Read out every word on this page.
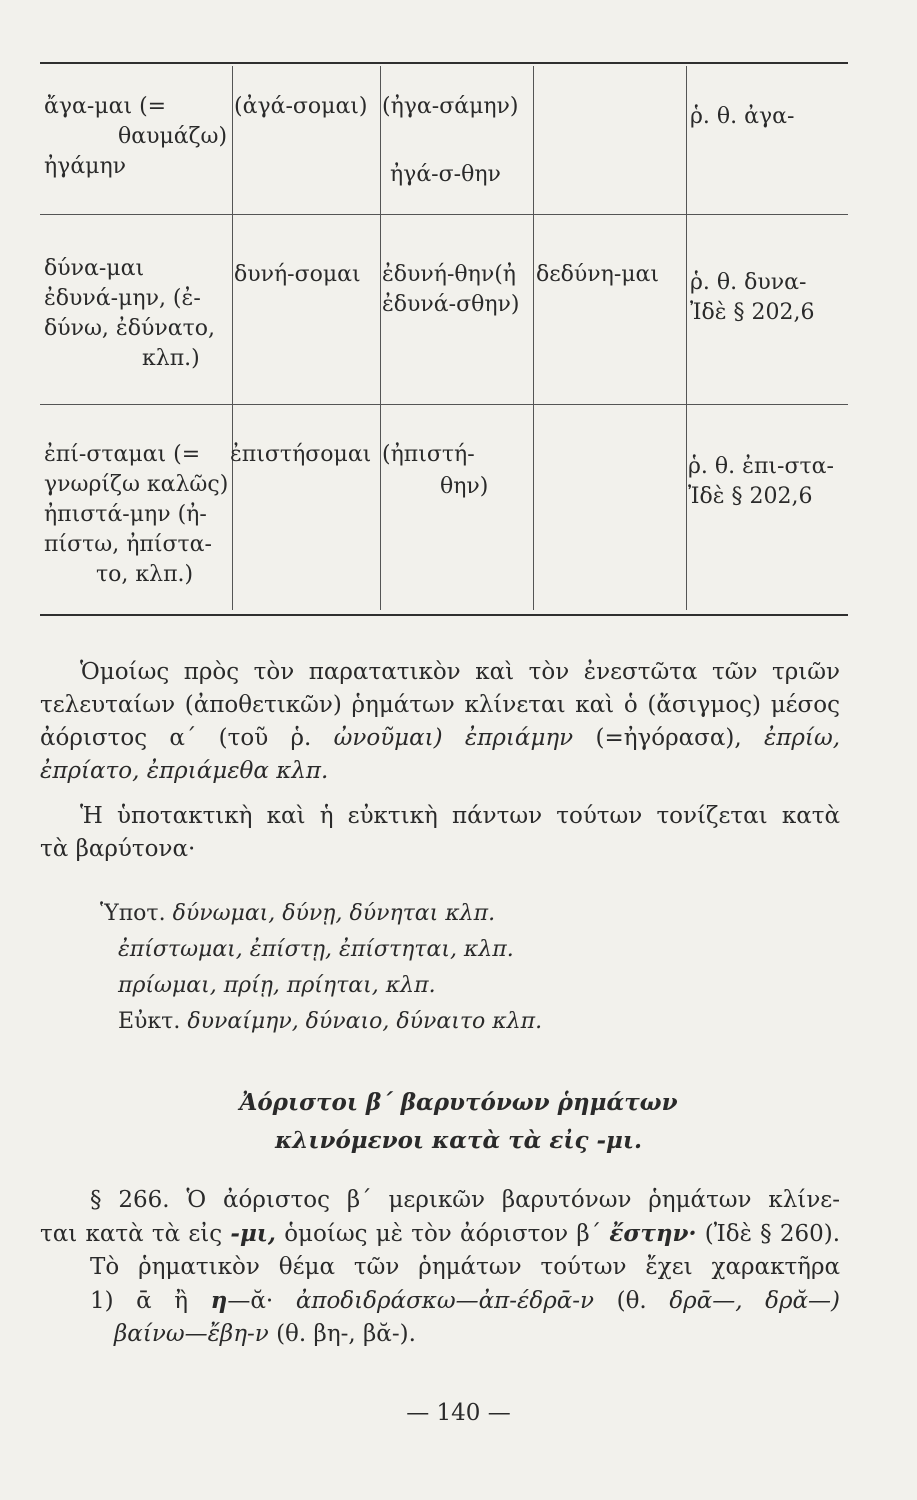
ἄγα-μαι (=
θαυμάζω)
ἠγάμην
(ἀγά-σομαι) (ἠγα-σάμην)
ἠγά-σ-θην
ῥ. θ. ἀγα-
δύνα-μαι
ἐδυνά-μην, (ἐ-
δύνω, ἐδύνατο,
κλπ.)
δυνή-σομαι ἐδυνή-θην(ἠ
ἐδυνά-σθην)
δεδύνη-μαι ῥ. θ. δυνα-
Ἰδὲ § 202,6
ἐπί-σταμαι (=
γνωρίζω καλῶς)
ἠπιστά-μην (ἠ-
πίστω, ἠπίστα-
το, κλπ.)
ἐπιστήσομαι (ἠπιστή-
θην)
ῥ. θ. ἐπι-στα-
Ἰδὲ § 202,6
Ὁμοίως πρὸς τὸν παρατατικὸν καὶ τὸν ἐνεστῶτα τῶν τριῶν
τελευταίων (ἀποθετικῶν) ῥημάτων κλίνεται καὶ ὁ (ἄσιγμος) μέσος
ἀόριστος α΄ (τοῦ ῥ. ὠνοῦμαι) ἐπριάμην (=ἠγόρασα), ἐπρίω,
ἐπρίατο, ἐπριάμεθα κλπ.
Ἡ ὑποτακτικὴ καὶ ἡ εὐκτικὴ πάντων τούτων τονίζεται κατὰ
τὰ βαρύτονα·
Ὑποτ. δύνωμαι, δύνῃ, δύνηται κλπ.
ἐπίστωμαι, ἐπίστῃ, ἐπίστηται, κλπ.
πρίωμαι, πρίῃ, πρίηται, κλπ.
Εὐκτ. δυναίμην, δύναιο, δύναιτο κλπ.
Ἀόριστοι β΄ βαρυτόνων ῥημάτων
κλινόμενοι κατὰ τὰ εἰς -μι.
§ 266. Ὁ ἀόριστος β΄ μερικῶν βαρυτόνων ῥημάτων κλίνε-
ται κατὰ τὰ εἰς -μι, ὁμοίως μὲ τὸν ἀόριστον β΄ ἔστην· (Ἰδὲ § 260).
Τὸ ῥηματικὸν θέμα τῶν ῥημάτων τούτων ἔχει χαρακτῆρα
1) ᾱ ἢ η—ᾰ· ἀποδιδράσκω—ἀπ-έδρᾱ-ν (θ. δρᾱ—, δρᾰ—)
βαίνω—ἔβη-ν (θ. βη-, βᾰ-).
— 140 —
